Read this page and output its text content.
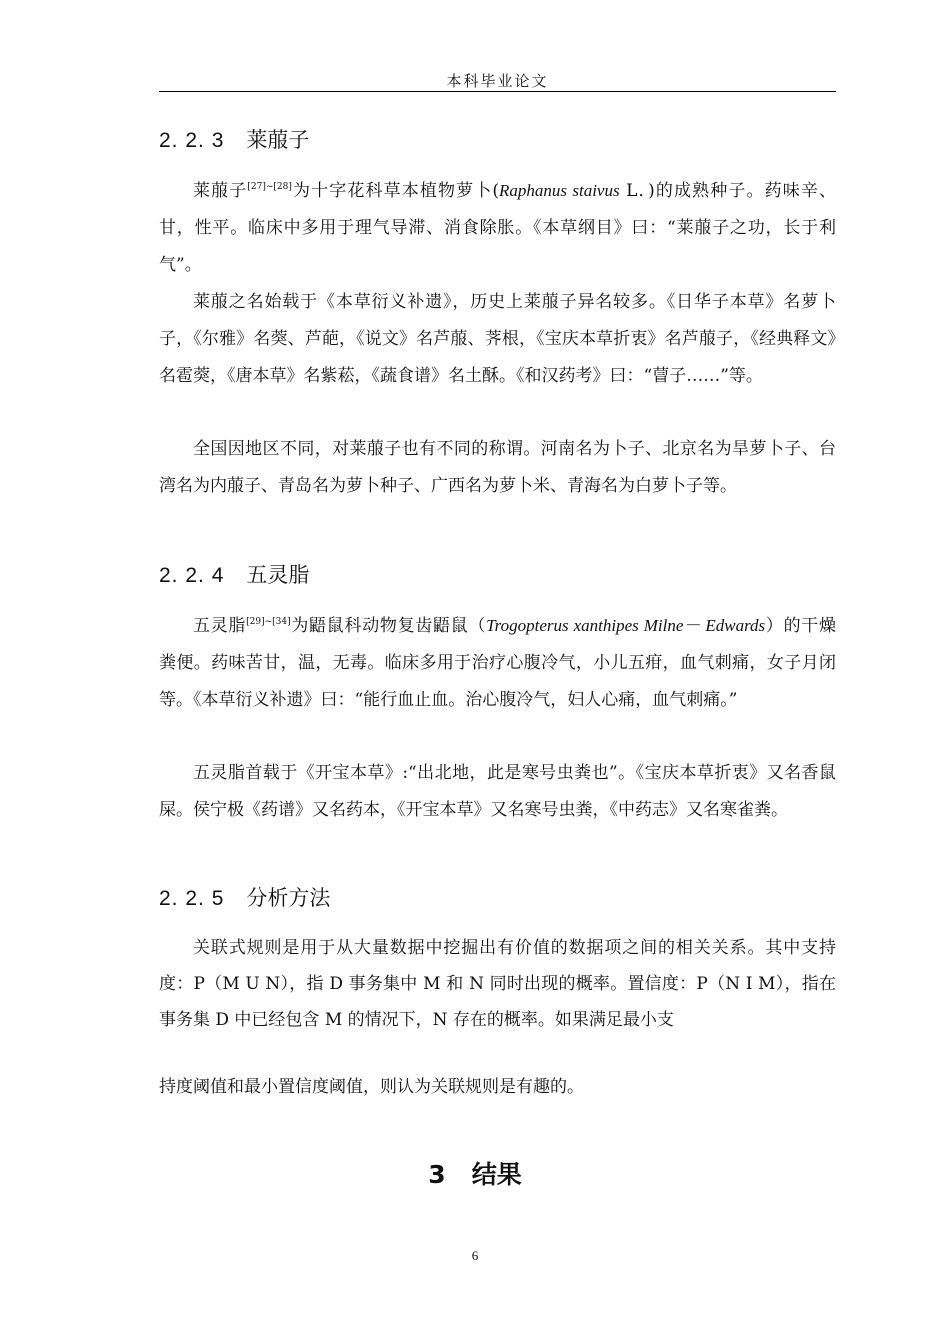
本科毕业论文
2. 2. 3 莱菔子

莱菔子[27]~[28]为十字花科草本植物萝卜(Raphanus staivus L．)的成熟种子。药味辛、甘，性平。临床中多用于理气导滞、消食除胀。《本草纲目》曰：“莱菔子之功，长于利气”。

莱菔之名始载于《本草衍义补遗》，历史上莱菔子异名较多。《日华子本草》名萝卜子，《尔雅》名葖、芦葩，《说文》名芦菔、荠根，《宝庆本草折衷》名芦菔子，《经典释文》名雹葖，《唐本草》名紫菘，《蔬食谱》名土酥。《和汉药考》曰：“萺子……”等。

全国因地区不同，对莱菔子也有不同的称谓。河南名为卜子、北京名为旱萝卜子、台湾名为内菔子、青岛名为萝卜种子、广西名为萝卜米、青海名为白萝卜子等。

2. 2. 4 五灵脂

五灵脂[29]~[34]为鼯鼠科动物复齿鼯鼠（Trogopterus xanthipes Milne－ Edwards）的干燥粪便。药味苦甘，温，无毒。临床多用于治疗心腹冷气，小儿五疳，血气刺痛，女子月闭等。《本草衍义补遗》曰：“能行血止血。治心腹冷气，妇人心痛，血气刺痛。”

五灵脂首载于《开宝本草》:“出北地，此是寒号虫粪也”。《宝庆本草折衷》又名香鼠屎。侯宁极《药谱》又名药本，《开宝本草》又名寒号虫粪，《中药志》又名寒雀粪。

2. 2. 5 分析方法

关联式规则是用于从大量数据中挖掘出有价值的数据项之间的相关关系。其中支持度：P（M U N），指 D 事务集中 M 和 N 同时出现的概率。置信度：P（N I M），指在事务集 D 中已经包含 M 的情况下，N 存在的概率。如果满足最小支

持度阈值和最小置信度阈值，则认为关联规则是有趣的。

3 结果
6
